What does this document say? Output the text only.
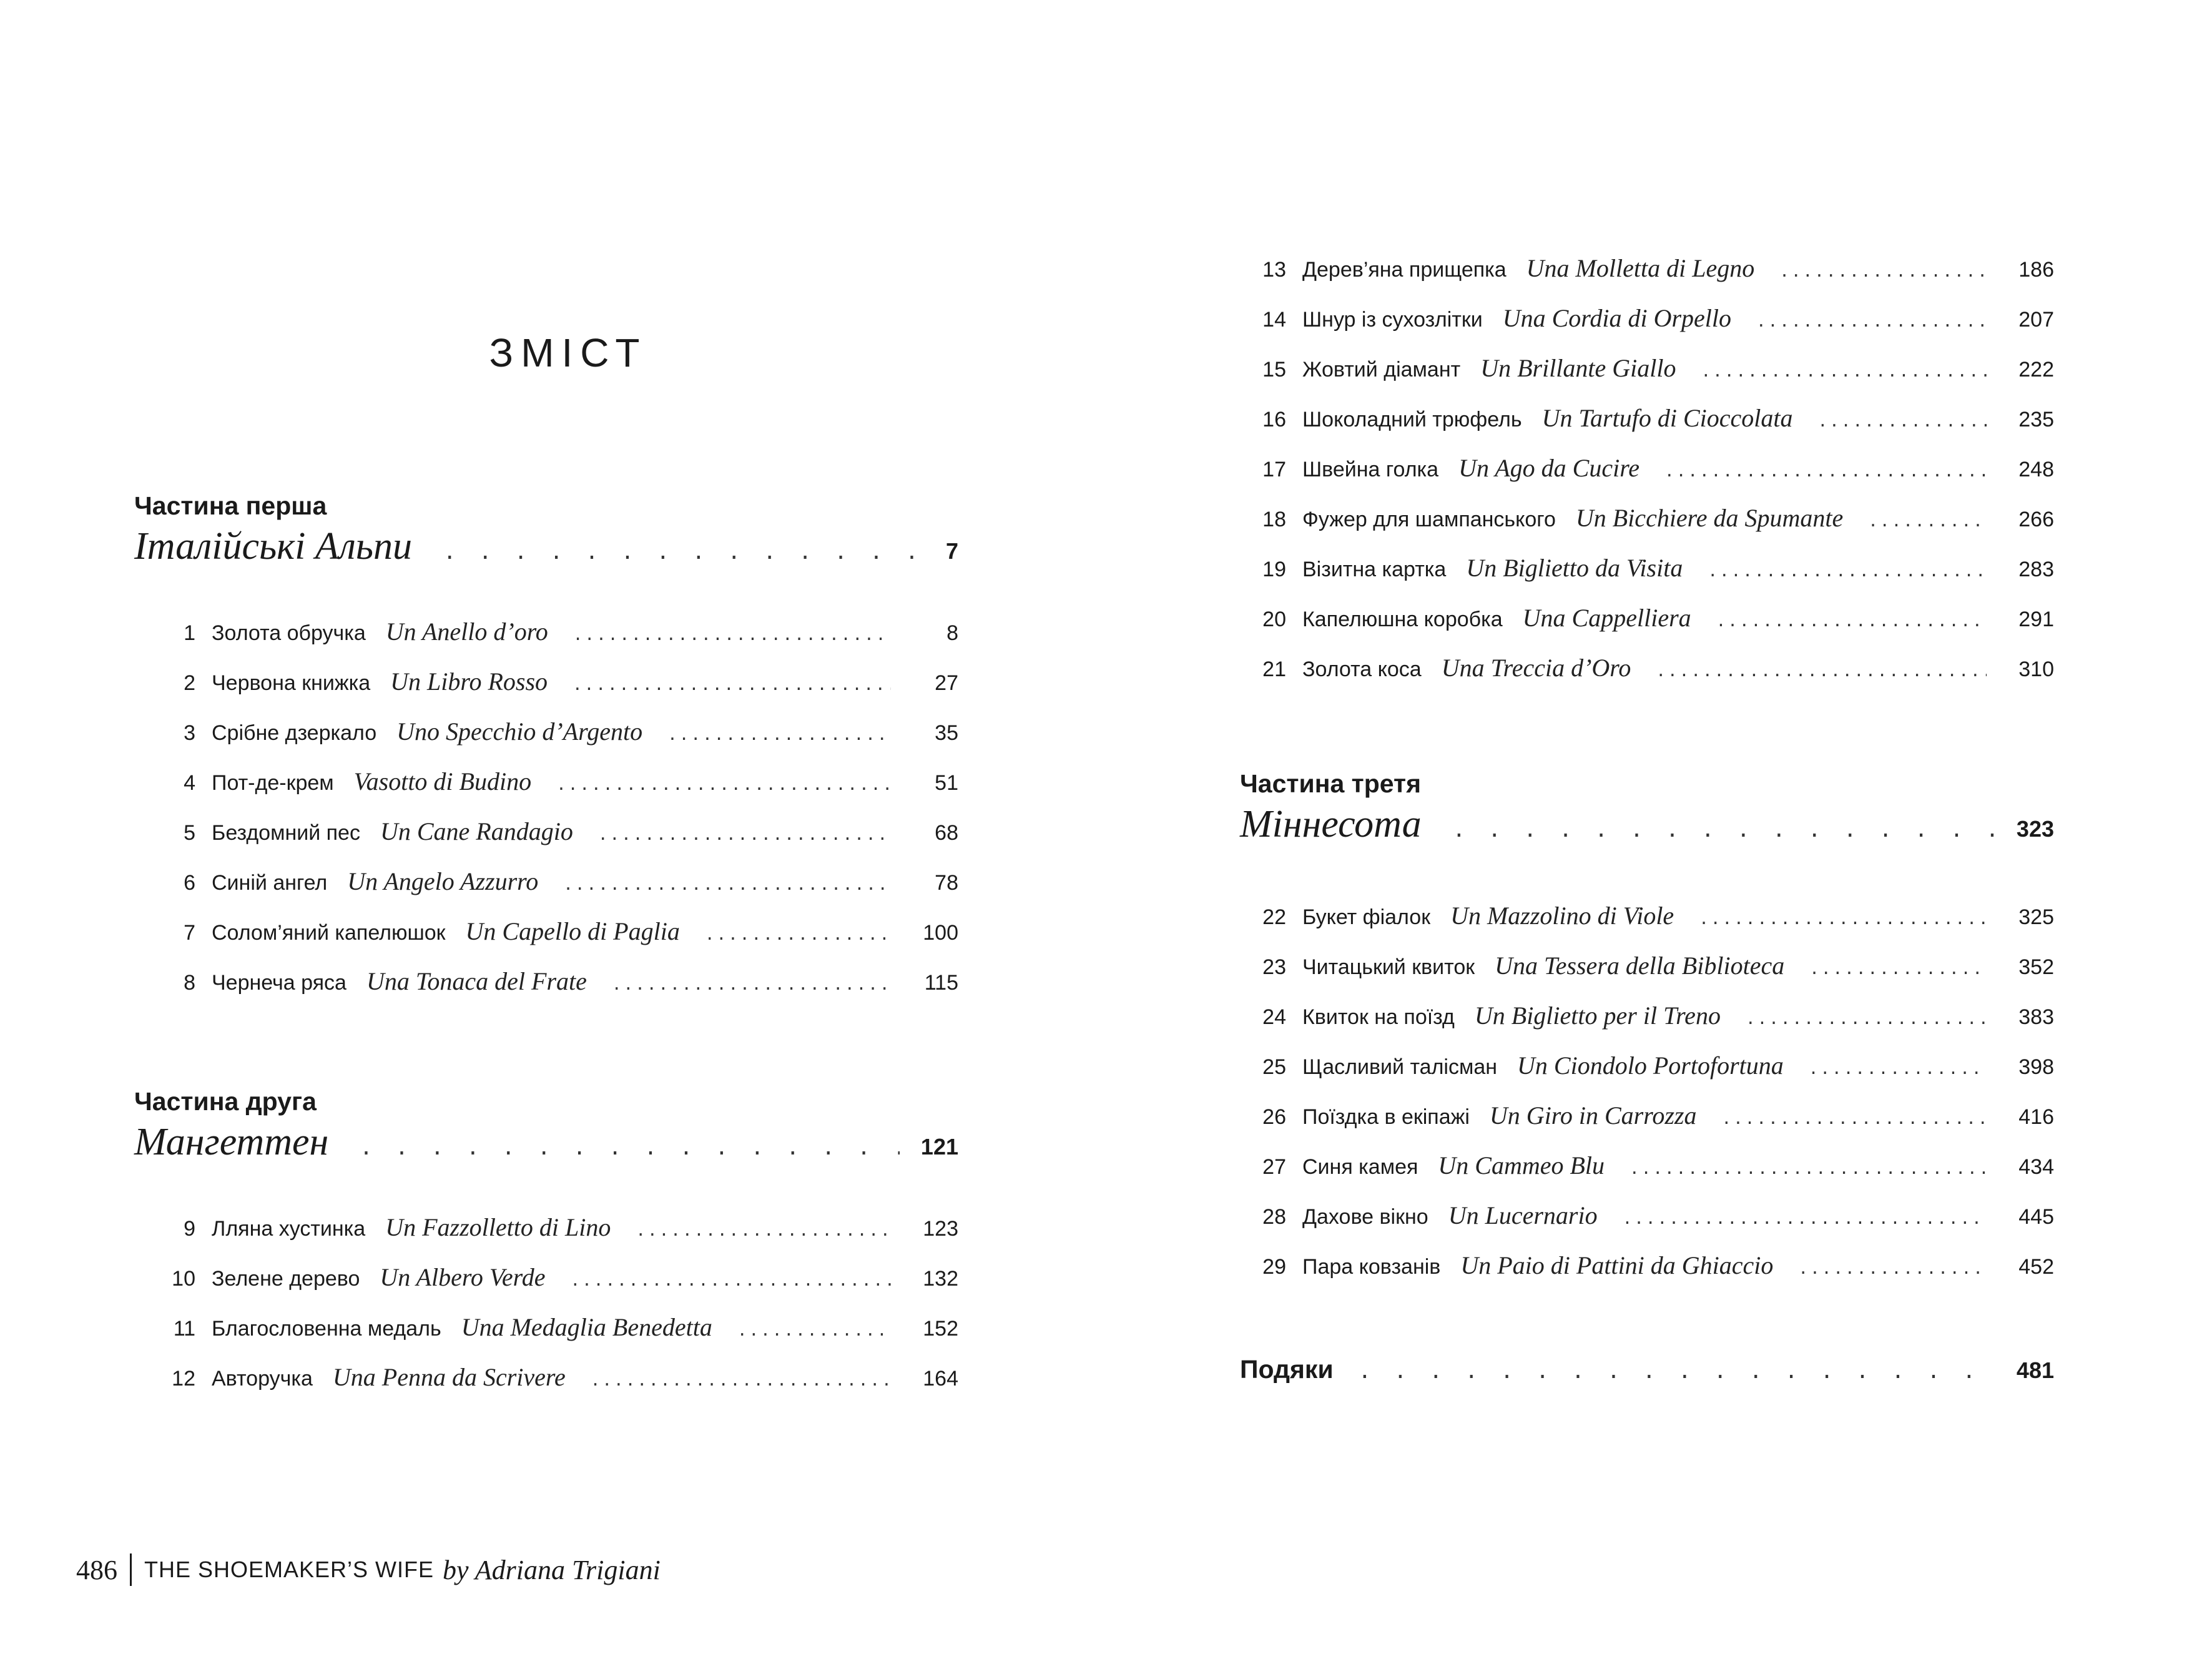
ЗМІСТ
Частина перша
Італійські Альпи . . .	7
1 Золота обручка Un Anello d’oro .....	8
2 Червона книжка Un Libro Rosso .....	27
3 Срібне дзеркало Uno Specchio d’Argento .....	35
4 Пот-де-крем Vasotto di Budino .....	51
5 Бездомний пес Un Cane Randagio .....	68
6 Синій ангел Un Angelo Azzurro .....	78
7 Солом’яний капелюшок Un Capello di Paglia .....	100
8 Чернеча ряса Una Tonaca del Frate .....	115
Частина друга
Мангеттен . . .	121
9 Лляна хустинка Un Fazzolletto di Lino .....	123
10 Зелене дерево Un Albero Verde .....	132
11 Благословенна медаль Una Medaglia Benedetta .....	152
12 Авторучка Una Penna da Scrivere .....	164
486 THE SHOEMAKER’S WIFE by Adriana Trigiani
13 Дерев’яна прищепка Una Molletta di Legno .....	186
14 Шнур із сухозлітки Una Cordia di Orpello .....	207
15 Жовтий діамант Un Brillante Giallo .....	222
16 Шоколадний трюфель Un Tartufo di Cioccolata .....	235
17 Швейна голка Un Ago da Cucire .....	248
18 Фужер для шампанського Un Bicchiere da Spumante .....	266
19 Візитна картка Un Biglietto da Visita .....	283
20 Капелюшна коробка Una Cappelliera .....	291
21 Золота коса Una Treccia d’Oro .....	310
Частина третя
Міннесота . . .	323
22 Букет фіалок Un Mazzolino di Viole .....	325
23 Читацький квиток Una Tessera della Biblioteca .....	352
24 Квиток на поїзд Un Biglietto per il Treno .....	383
25 Щасливий талісман Un Ciondolo Portofortuna .....	398
26 Поїздка в екіпажі Un Giro in Carrozza .....	416
27 Синя камея Un Cammeo Blu .....	434
28 Дахове вікно Un Lucernario .....	445
29 Пара ковзанів Un Paio di Pattini da Ghiaccio .....	452
Подяки . . .	481
